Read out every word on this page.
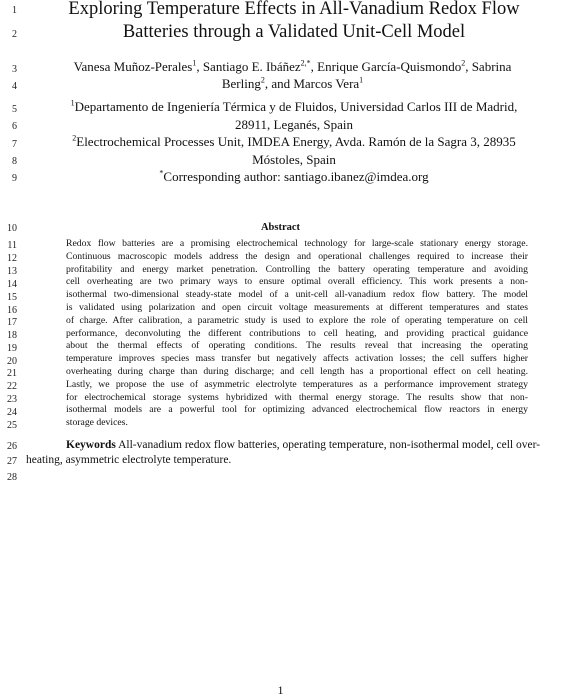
1
2
3
4
5
6
7
8
9
10
11
12
13
14
15
16
17
18
19
20
21
22
23
24
25
26
27
28
Exploring Temperature Effects in All-Vanadium Redox Flow
Batteries through a Validated Unit-Cell Model
Vanesa Muñoz-Perales$^1$, Santiago E. Ibáñez$^{2,*}$, Enrique García-Quismondo$^2$, Sabrina
Berling$^2$, and Marcos Vera$^1$
$^1$Departamento de Ingeniería Térmica y de Fluidos, Universidad Carlos III de Madrid,
28911, Leganés, Spain
$^2$Electrochemical Processes Unit, IMDEA Energy, Avda. Ramón de la Sagra 3, 28935
Móstoles, Spain
*Corresponding author: santiago.ibanez@imdea.org
Abstract
Redox flow batteries are a promising electrochemical technology for large-scale stationary energy storage.
Continuous macroscopic models address the design and operational challenges required to increase their
profitability and energy market penetration. Controlling the battery operating temperature and avoiding
cell overheating are two primary ways to ensure optimal overall efficiency. This work presents a non-
isothermal two-dimensional steady-state model of a unit-cell all-vanadium redox flow battery. The model
is validated using polarization and open circuit voltage measurements at different temperatures and states
of charge. After calibration, a parametric study is used to explore the role of operating temperature on cell
performance, deconvoluting the different contributions to cell heating, and providing practical guidance
about the thermal effects of operating conditions. The results reveal that increasing the operating
temperature improves species mass transfer but negatively affects activation losses; the cell suffers higher
overheating during charge than during discharge; and cell length has a proportional effect on cell heating.
Lastly, we propose the use of asymmetric electrolyte temperatures as a performance improvement strategy
for electrochemical storage systems hybridized with thermal energy storage. The results show that non-
isothermal models are a powerful tool for optimizing advanced electrochemical flow reactors in energy
storage devices.
Keywords All-vanadium redox flow batteries, operating temperature, non-isothermal model, cell over-
heating, asymmetric electrolyte temperature.
1
